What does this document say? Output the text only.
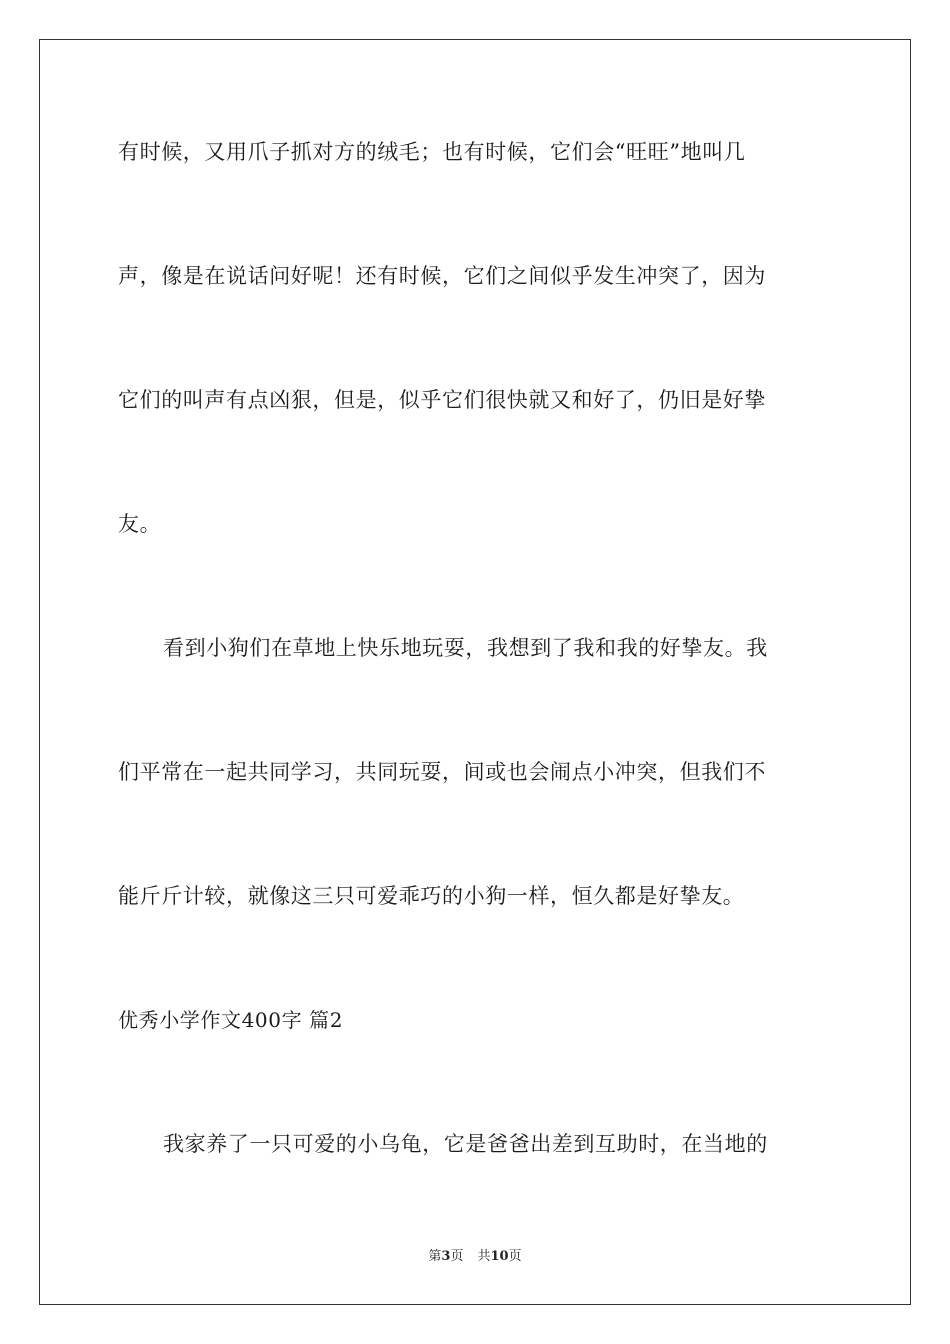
有时候，又用爪子抓对方的绒毛；也有时候，它们会“旺旺”地叫几
声，像是在说话问好呢！还有时候，它们之间似乎发生冲突了，因为
它们的叫声有点凶狠，但是，似乎它们很快就又和好了，仍旧是好挚
友。
看到小狗们在草地上快乐地玩耍，我想到了我和我的好挚友。我
们平常在一起共同学习，共同玩耍，间或也会闹点小冲突，但我们不
能斤斤计较，就像这三只可爱乖巧的小狗一样，恒久都是好挚友。
优秀小学作文400字 篇2
我家养了一只可爱的小乌龟，它是爸爸出差到互助时，在当地的
第3页 共10页
